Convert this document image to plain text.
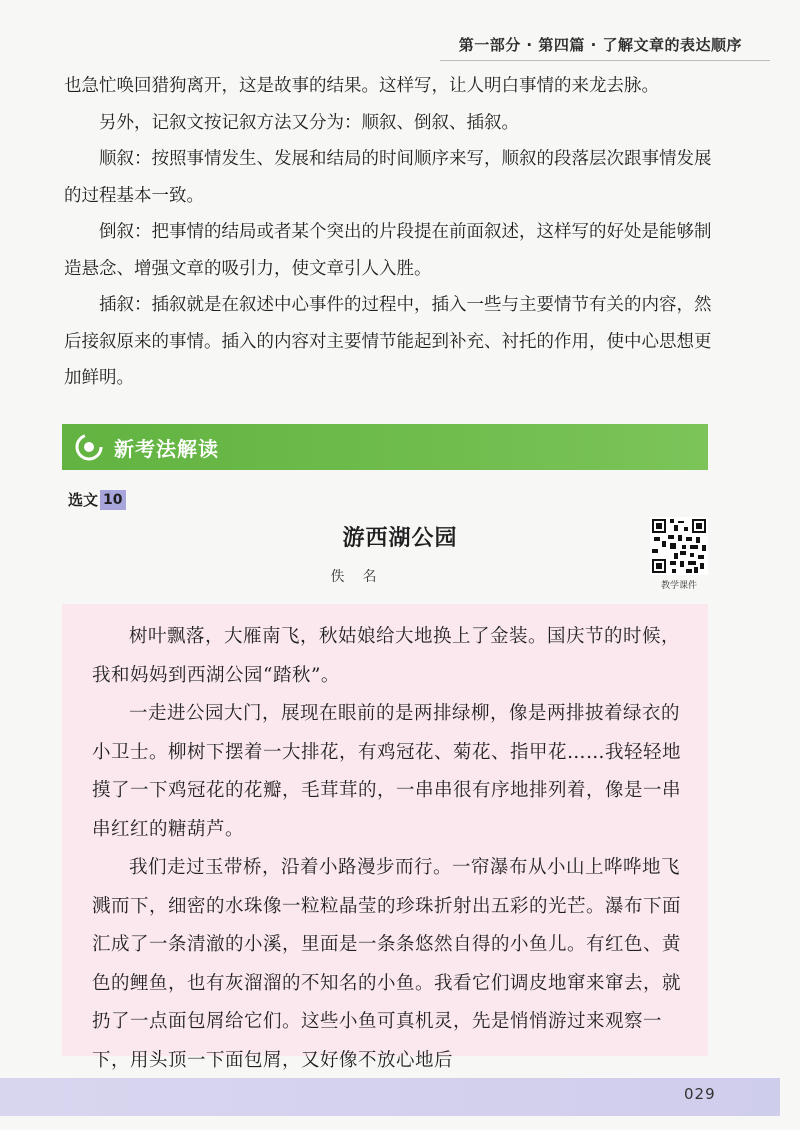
第一部分 · 第四篇 · 了解文章的表达顺序

也急忙唤回猎狗离开，这是故事的结果。这样写，让人明白事情的来龙去脉。

另外，记叙文按记叙方法又分为：顺叙、倒叙、插叙。

顺叙：按照事情发生、发展和结局的时间顺序来写，顺叙的段落层次跟事情发展的过程基本一致。

倒叙：把事情的结局或者某个突出的片段提在前面叙述，这样写的好处是能够制造悬念、增强文章的吸引力，使文章引人入胜。

插叙：插叙就是在叙述中心事件的过程中，插入一些与主要情节有关的内容，然后接叙原来的事情。插入的内容对主要情节能起到补充、衬托的作用，使中心思想更加鲜明。

新考法解读
选文 10
游西湖公园
佚名
教学课件

树叶飘落，大雁南飞，秋姑娘给大地换上了金装。国庆节的时候，我和妈妈到西湖公园“踏秋”。

一走进公园大门，展现在眼前的是两排绿柳，像是两排披着绿衣的小卫士。柳树下摆着一大排花，有鸡冠花、菊花、指甲花……我轻轻地摸了一下鸡冠花的花瓣，毛茸茸的，一串串很有序地排列着，像是一串串红红的糖葫芦。

我们走过玉带桥，沿着小路漫步而行。一帘瀑布从小山上哗哗地飞溅而下，细密的水珠像一粒粒晶莹的珍珠折射出五彩的光芒。瀑布下面汇成了一条清澈的小溪，里面是一条条悠然自得的小鱼儿。有红色、黄色的鲤鱼，也有灰溜溜的不知名的小鱼。我看它们调皮地窜来窜去，就扔了一点面包屑给它们。这些小鱼可真机灵，先是悄悄游过来观察一下，用头顶一下面包屑，又好像不放心地后

029
